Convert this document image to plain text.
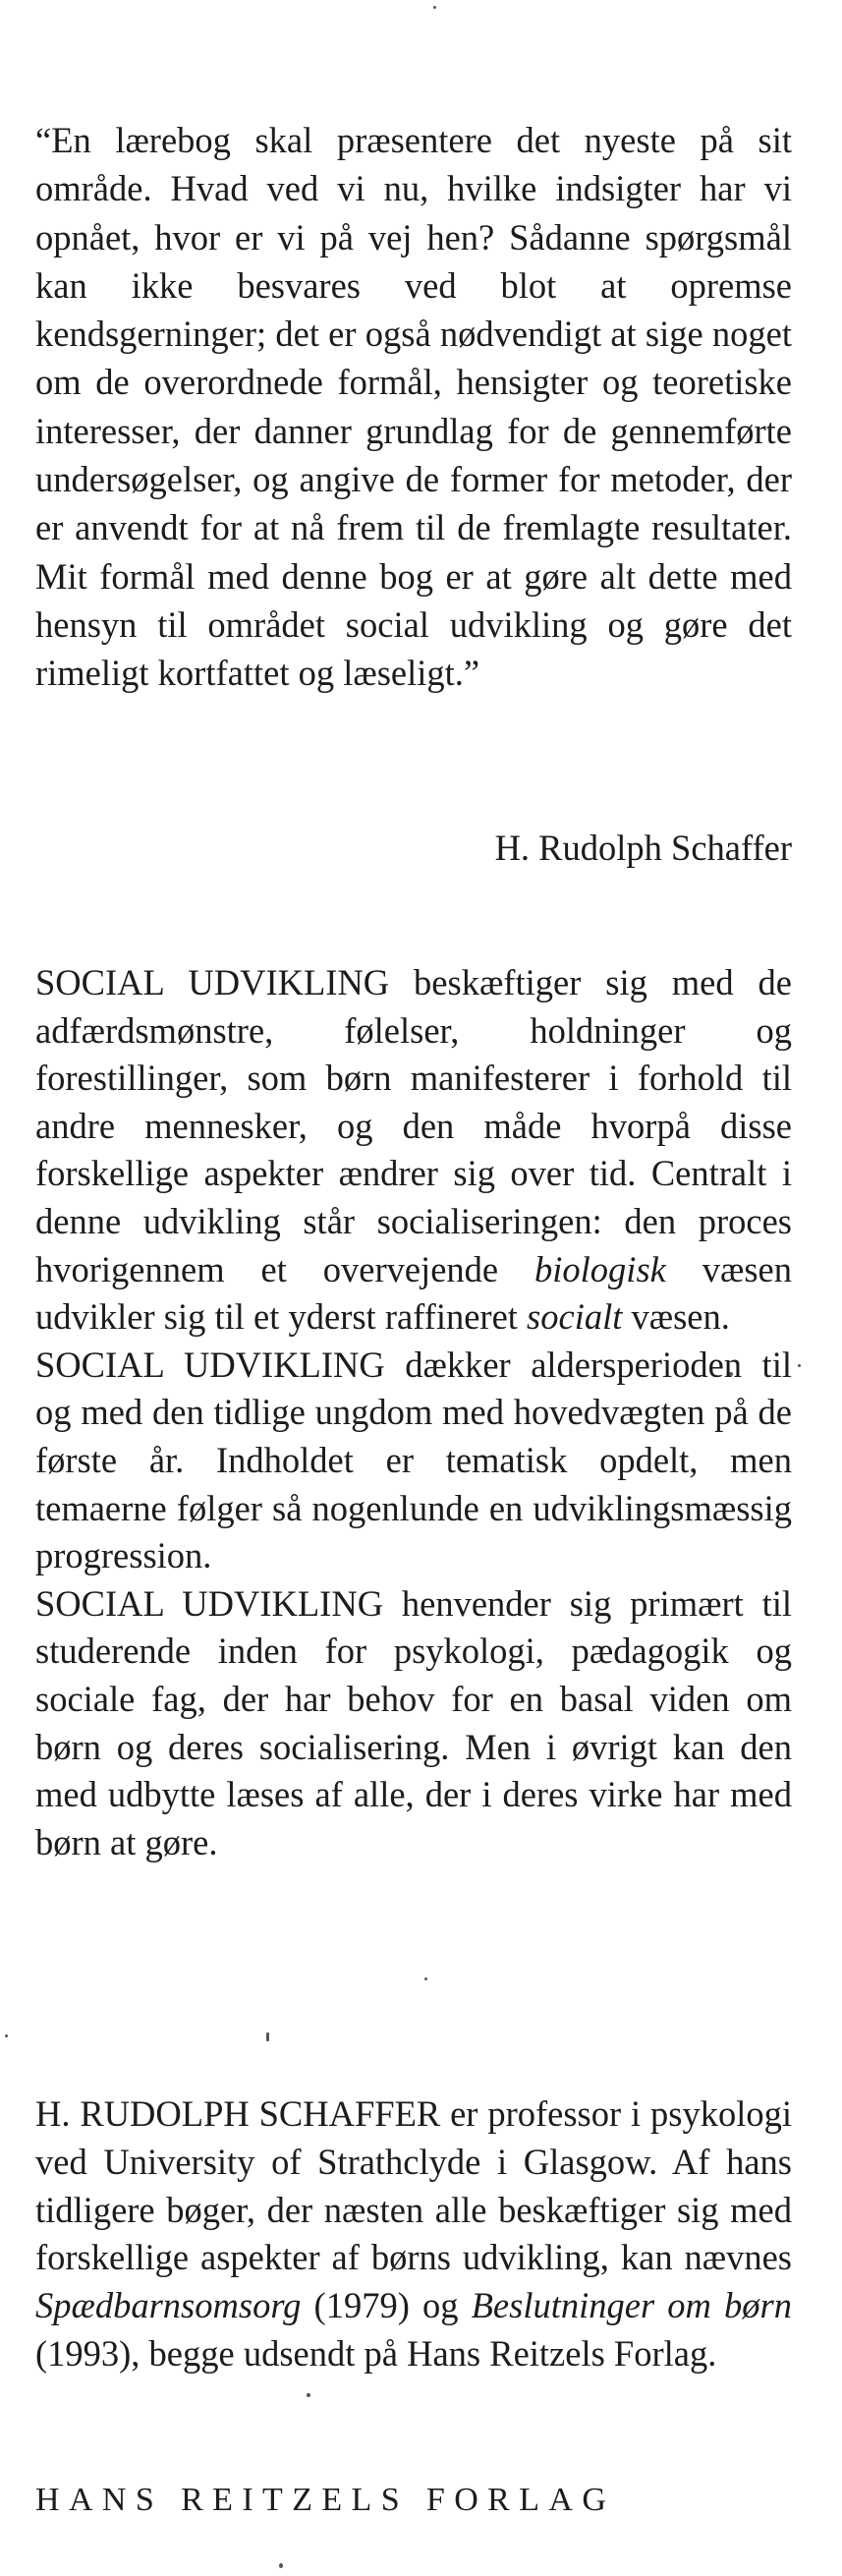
“En lærebog skal præsentere det nyeste på sit område. Hvad ved vi nu, hvilke indsigter har vi opnået, hvor er vi på vej hen? Sådanne spørgsmål kan ikke besvares ved blot at opremse kendsgerninger; det er også nødvendigt at sige noget om de overordnede formål, hensigter og teoretiske interesser, der danner grundlag for de gennemførte undersøgelser, og angive de former for metoder, der er anvendt for at nå frem til de fremlagte resultater. Mit formål med denne bog er at gøre alt dette med hensyn til området social udvikling og gøre det rimeligt kortfattet og læseligt.”
H. Rudolph Schaffer

SOCIAL UDVIKLING beskæftiger sig med de adfærdsmønstre, følelser, holdninger og forestillinger, som børn manifesterer i forhold til andre mennesker, og den måde hvorpå disse forskellige aspekter ændrer sig over tid. Centralt i denne udvikling står socialiseringen: den proces hvorigennem et overvejende biologisk væsen udvikler sig til et yderst raffineret socialt væsen.

SOCIAL UDVIKLING dækker aldersperioden til og med den tidlige ungdom med hovedvægten på de første år. Indholdet er tematisk opdelt, men temaerne følger så nogenlunde en udviklingsmæssig progression.

SOCIAL UDVIKLING henvender sig primært til studerende inden for psykologi, pædagogik og sociale fag, der har behov for en basal viden om børn og deres socialisering. Men i øvrigt kan den med udbytte læses af alle, der i deres virke har med børn at gøre.

H. RUDOLPH SCHAFFER er professor i psykologi ved University of Strathclyde i Glasgow. Af hans tidligere bøger, der næsten alle beskæftiger sig med forskellige aspekter af børns udvikling, kan nævnes Spædbarnsomsorg (1979) og Beslutninger om børn (1993), begge udsendt på Hans Reitzels Forlag.
HANS REITZELS FORLAG
